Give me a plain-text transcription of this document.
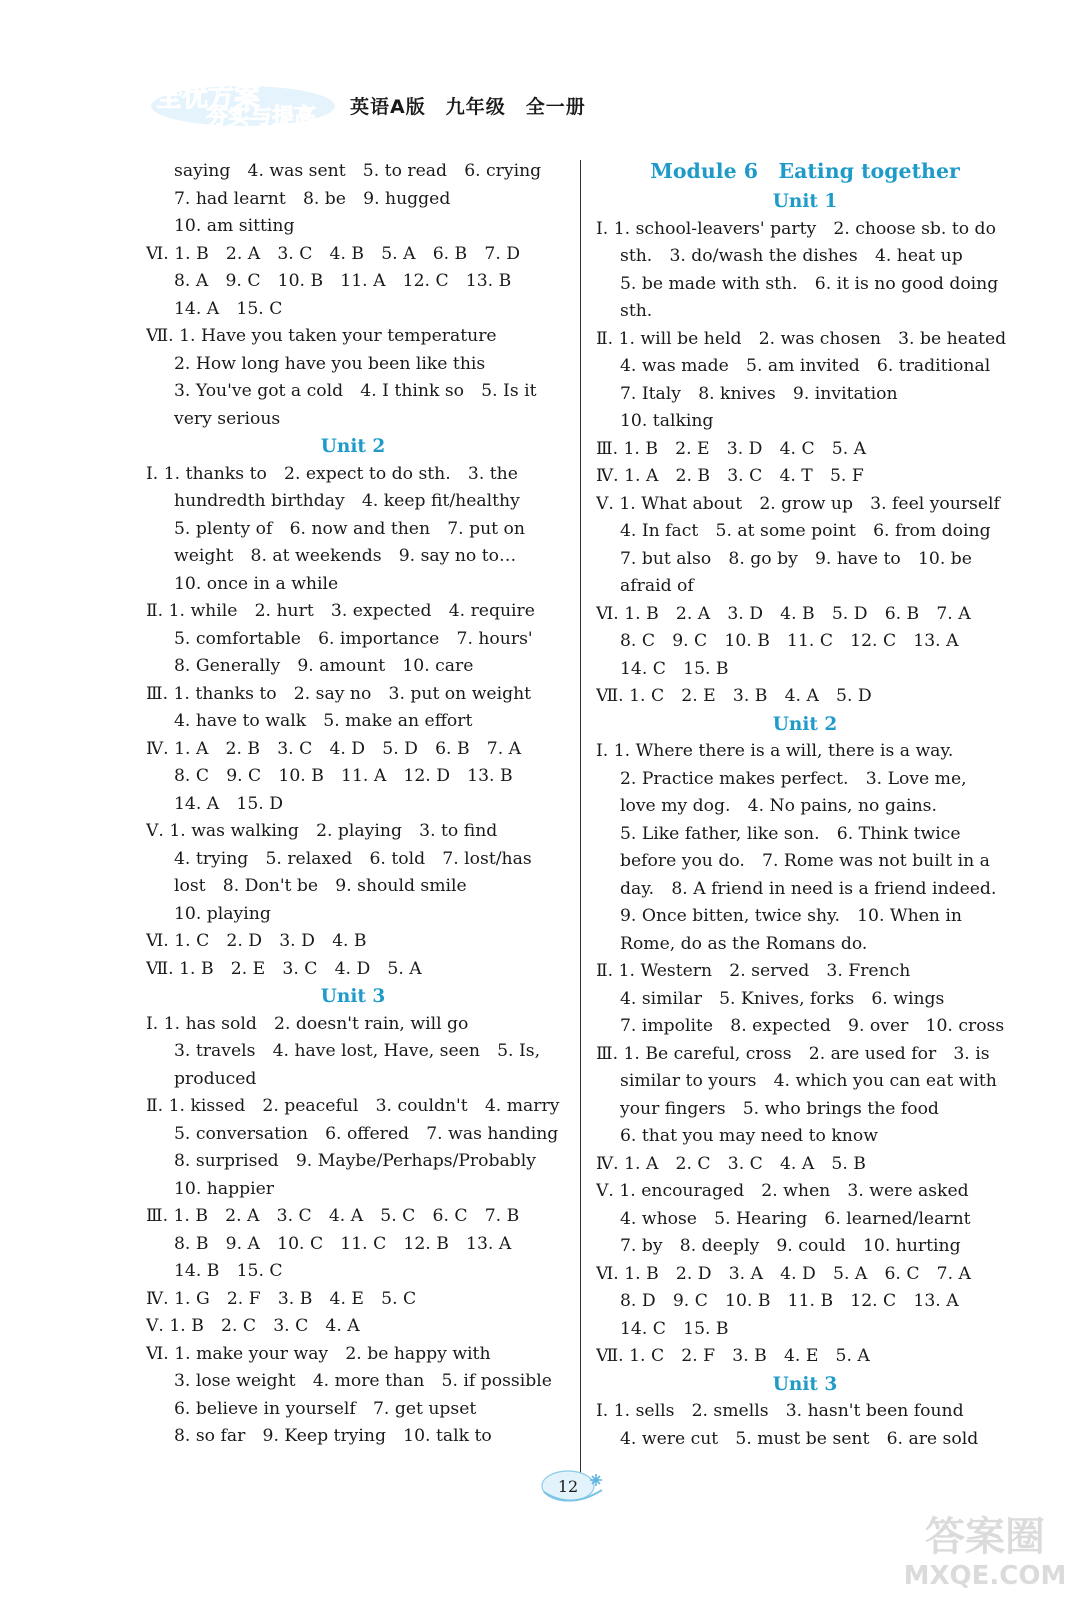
全优方案
夯实与提高 英语A版　九年级　全一册
saying　4. was sent　5. to read　6. crying
7. had learnt　8. be　9. hugged
10. am sitting
Ⅵ. 1. B　2. A　3. C　4. B　5. A　6. B　7. D
8. A　9. C　10. B　11. A　12. C　13. B
14. A　15. C
Ⅶ. 1. Have you taken your temperature
2. How long have you been like this
3. You've got a cold　4. I think so　5. Is it
very serious
Unit 2
Ⅰ. 1. thanks to　2. expect to do sth.　3. the
hundredth birthday　4. keep fit/healthy
5. plenty of　6. now and then　7. put on
weight　8. at weekends　9. say no to…
10. once in a while
Ⅱ. 1. while　2. hurt　3. expected　4. require
5. comfortable　6. importance　7. hours'
8. Generally　9. amount　10. care
Ⅲ. 1. thanks to　2. say no　3. put on weight
4. have to walk　5. make an effort
Ⅳ. 1. A　2. B　3. C　4. D　5. D　6. B　7. A
8. C　9. C　10. B　11. A　12. D　13. B
14. A　15. D
Ⅴ. 1. was walking　2. playing　3. to find
4. trying　5. relaxed　6. told　7. lost/has
lost　8. Don't be　9. should smile
10. playing
Ⅵ. 1. C　2. D　3. D　4. B
Ⅶ. 1. B　2. E　3. C　4. D　5. A
Unit 3
Ⅰ. 1. has sold　2. doesn't rain, will go
3. travels　4. have lost, Have, seen　5. Is,
produced
Ⅱ. 1. kissed　2. peaceful　3. couldn't　4. marry
5. conversation　6. offered　7. was handing
8. surprised　9. Maybe/Perhaps/Probably
10. happier
Ⅲ. 1. B　2. A　3. C　4. A　5. C　6. C　7. B
8. B　9. A　10. C　11. C　12. B　13. A
14. B　15. C
Ⅳ. 1. G　2. F　3. B　4. E　5. C
Ⅴ. 1. B　2. C　3. C　4. A
Ⅵ. 1. make your way　2. be happy with
3. lose weight　4. more than　5. if possible
6. believe in yourself　7. get upset
8. so far　9. Keep trying　10. talk to
Module 6　Eating together
Unit 1
Ⅰ. 1. school-leavers' party　2. choose sb. to do
sth.　3. do/wash the dishes　4. heat up
5. be made with sth.　6. it is no good doing
sth.
Ⅱ. 1. will be held　2. was chosen　3. be heated
4. was made　5. am invited　6. traditional
7. Italy　8. knives　9. invitation
10. talking
Ⅲ. 1. B　2. E　3. D　4. C　5. A
Ⅳ. 1. A　2. B　3. C　4. T　5. F
Ⅴ. 1. What about　2. grow up　3. feel yourself
4. In fact　5. at some point　6. from doing
7. but also　8. go by　9. have to　10. be
afraid of
Ⅵ. 1. B　2. A　3. D　4. B　5. D　6. B　7. A
8. C　9. C　10. B　11. C　12. C　13. A
14. C　15. B
Ⅶ. 1. C　2. E　3. B　4. A　5. D
Unit 2
Ⅰ. 1. Where there is a will, there is a way.
2. Practice makes perfect.　3. Love me,
love my dog.　4. No pains, no gains.
5. Like father, like son.　6. Think twice
before you do.　7. Rome was not built in a
day.　8. A friend in need is a friend indeed.
9. Once bitten, twice shy.　10. When in
Rome, do as the Romans do.
Ⅱ. 1. Western　2. served　3. French
4. similar　5. Knives, forks　6. wings
7. impolite　8. expected　9. over　10. cross
Ⅲ. 1. Be careful, cross　2. are used for　3. is
similar to yours　4. which you can eat with
your fingers　5. who brings the food
6. that you may need to know
Ⅳ. 1. A　2. C　3. C　4. A　5. B
Ⅴ. 1. encouraged　2. when　3. were asked
4. whose　5. Hearing　6. learned/learnt
7. by　8. deeply　9. could　10. hurting
Ⅵ. 1. B　2. D　3. A　4. D　5. A　6. C　7. A
8. D　9. C　10. B　11. B　12. C　13. A
14. C　15. B
Ⅶ. 1. C　2. F　3. B　4. E　5. A
Unit 3
Ⅰ. 1. sells　2. smells　3. hasn't been found
4. were cut　5. must be sent　6. are sold
12
答案圈
MXQE.COM
